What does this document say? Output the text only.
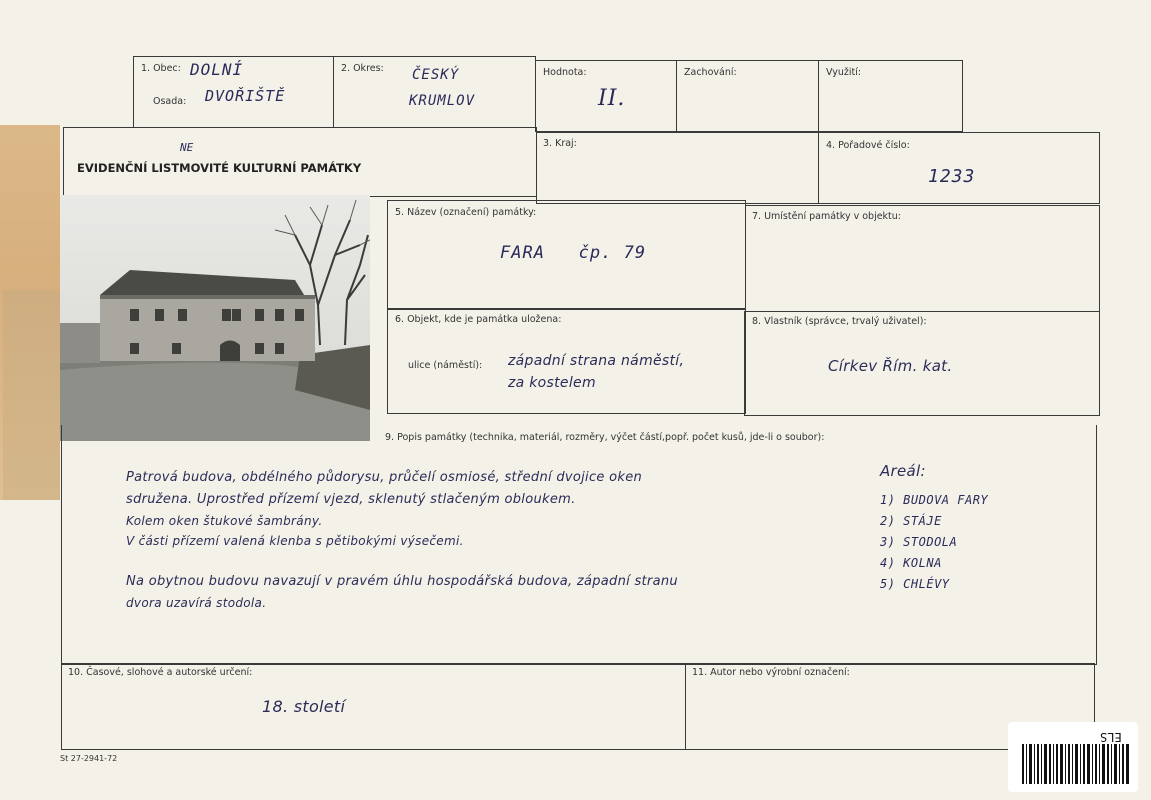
1. Obec: DOLNÍ
Osada: DVOŘIŠTĚ
2. Okres: ČESKÝ
KRUMLOV
Hodnota:
II.
Zachování:	Využití:
EVIDENČNÍ LISTMOVITÉ KULTURNÍ PAMÁTKY
NE	3. Kraj:	4. Pořadové číslo:
1233
5. Název (označení) památky:
FARA   čp. 79
7. Umístění památky v objektu:
6. Objekt, kde je památka uložena:
ulice (náměstí): západní strana náměstí,
za kostelem
8. Vlastník (správce, trvalý uživatel):
Církev Řím. kat.
9. Popis památky (technika, materiál, rozměry, výčet částí,popř. počet kusů, jde-li o soubor):
Patrová budova, obdélného půdorysu, průčelí osmiosé, střední dvojice oken
sdružena. Uprostřed přízemí vjezd, sklenutý stlačeným obloukem.
Kolem oken štukové šambrány.
V části přízemí valená klenba s pětibokými výsečemi.
Na obytnou budovu navazují v pravém úhlu hospodářská budova, západní stranu
dvora uzavírá stodola.
Areál:
1) BUDOVA FARY
2) STÁJE
3) STODOLA
4) KOLNA
5) CHLÉVY
10. Časové, slohové a autorské určení:
18. století
11. Autor nebo výrobní označení:
St 27-2941-72
ELS
